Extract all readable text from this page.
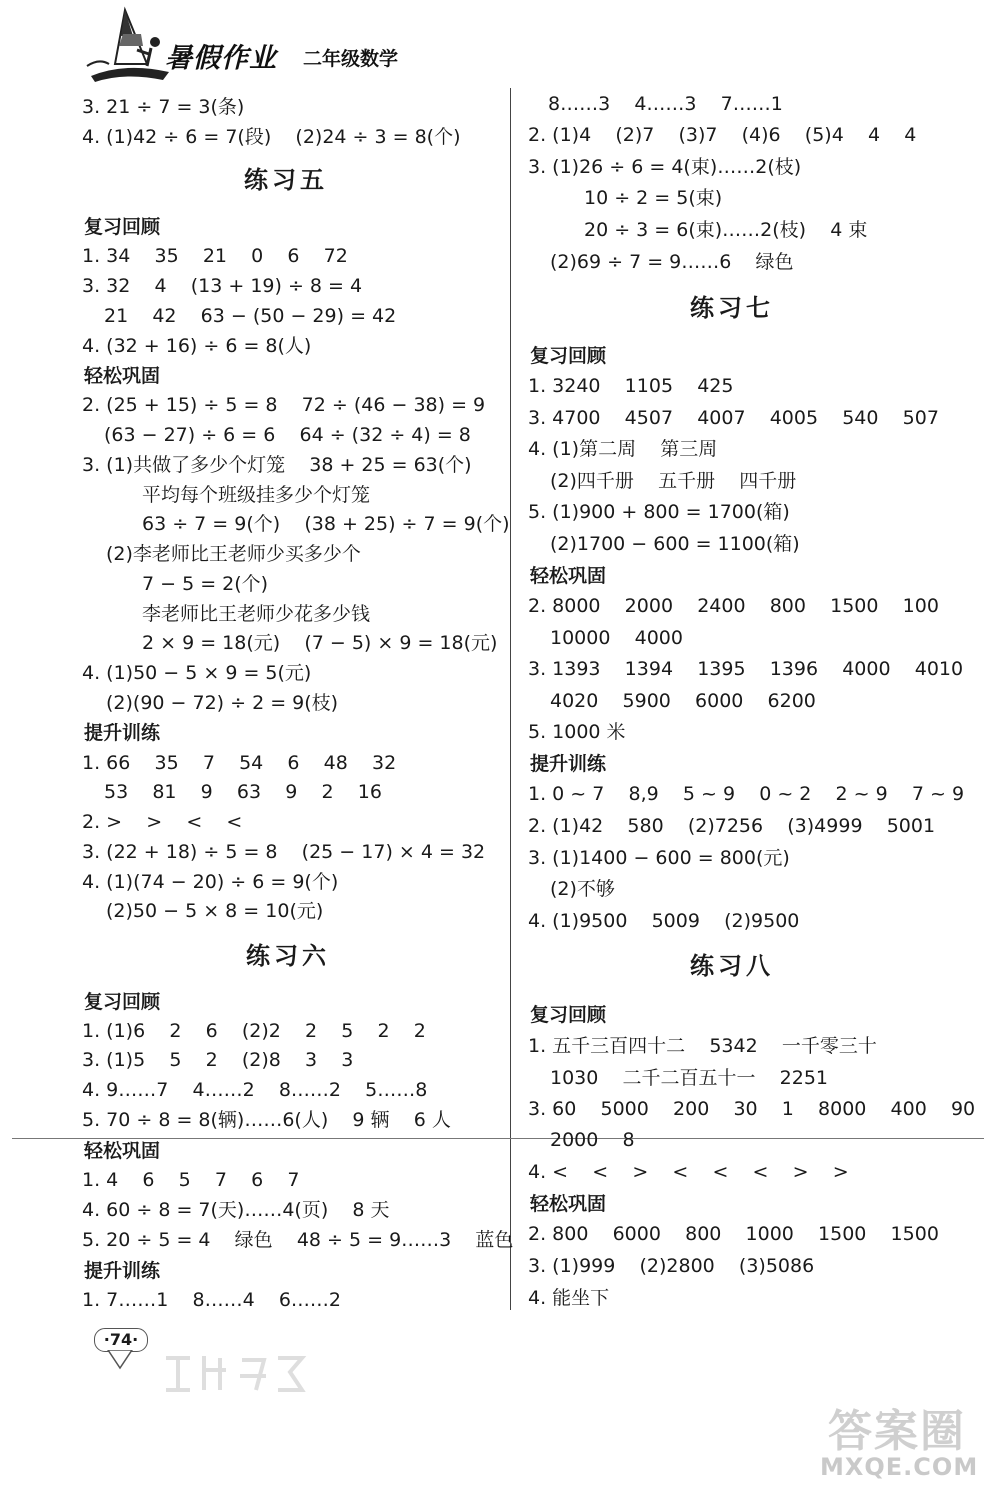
暑假作业 二年级数学
3. 21 ÷ 7 = 3(条)
4. (1)42 ÷ 6 = 7(段)    (2)24 ÷ 3 = 8(个)
练习五
复习回顾
1. 34    35    21    0    6    72
3. 32    4    (13 + 19) ÷ 8 = 4
21    42    63 − (50 − 29) = 42
4. (32 + 16) ÷ 6 = 8(人)
轻松巩固
2. (25 + 15) ÷ 5 = 8    72 ÷ (46 − 38) = 9
(63 − 27) ÷ 6 = 6    64 ÷ (32 ÷ 4) = 8
3. (1)共做了多少个灯笼    38 + 25 = 63(个)
平均每个班级挂多少个灯笼
63 ÷ 7 = 9(个)    (38 + 25) ÷ 7 = 9(个)
(2)李老师比王老师少买多少个
7 − 5 = 2(个)
李老师比王老师少花多少钱
2 × 9 = 18(元)    (7 − 5) × 9 = 18(元)
4. (1)50 − 5 × 9 = 5(元)
(2)(90 − 72) ÷ 2 = 9(枝)
提升训练
1. 66    35    7    54    6    48    32
53    81    9    63    9    2    16
2. >    >    <    <
3. (22 + 18) ÷ 5 = 8    (25 − 17) × 4 = 32
4. (1)(74 − 20) ÷ 6 = 9(个)
(2)50 − 5 × 8 = 10(元)
练习六
复习回顾
1. (1)6    2    6    (2)2    2    5    2    2
3. (1)5    5    2    (2)8    3    3
4. 9……7    4……2    8……2    5……8
5. 70 ÷ 8 = 8(辆)……6(人)    9 辆    6 人
轻松巩固
1. 4    6    5    7    6    7
4. 60 ÷ 8 = 7(天)……4(页)    8 天
5. 20 ÷ 5 = 4    绿色    48 ÷ 5 = 9……3    蓝色
提升训练
1. 7……1    8……4    6……2
8……3    4……3    7……1
2. (1)4    (2)7    (3)7    (4)6    (5)4    4    4
3. (1)26 ÷ 6 = 4(束)……2(枝)
10 ÷ 2 = 5(束)
20 ÷ 3 = 6(束)……2(枝)    4 束
(2)69 ÷ 7 = 9……6    绿色
练习七
复习回顾
1. 3240    1105    425
3. 4700    4507    4007    4005    540    507
4. (1)第二周    第三周
(2)四千册    五千册    四千册
5. (1)900 + 800 = 1700(箱)
(2)1700 − 600 = 1100(箱)
轻松巩固
2. 8000    2000    2400    800    1500    100
10000    4000
3. 1393    1394    1395    1396    4000    4010
4020    5900    6000    6200
5. 1000 米
提升训练
1. 0 ~ 7    8,9    5 ~ 9    0 ~ 2    2 ~ 9    7 ~ 9
2. (1)42    580    (2)7256    (3)4999    5001
3. (1)1400 − 600 = 800(元)
(2)不够
4. (1)9500    5009    (2)9500
练习八
复习回顾
1. 五千三百四十二    5342    一千零三十
1030    二千二百五十一    2251
3. 60    5000    200    30    1    8000    400    90
2000    8
4. <    <    >    <    <    <    >    >
轻松巩固
2. 800    6000    800    1000    1500    1500
3. (1)999    (2)2800    (3)5086
4. 能坐下
·74·
答案圈
MXQE.COM
